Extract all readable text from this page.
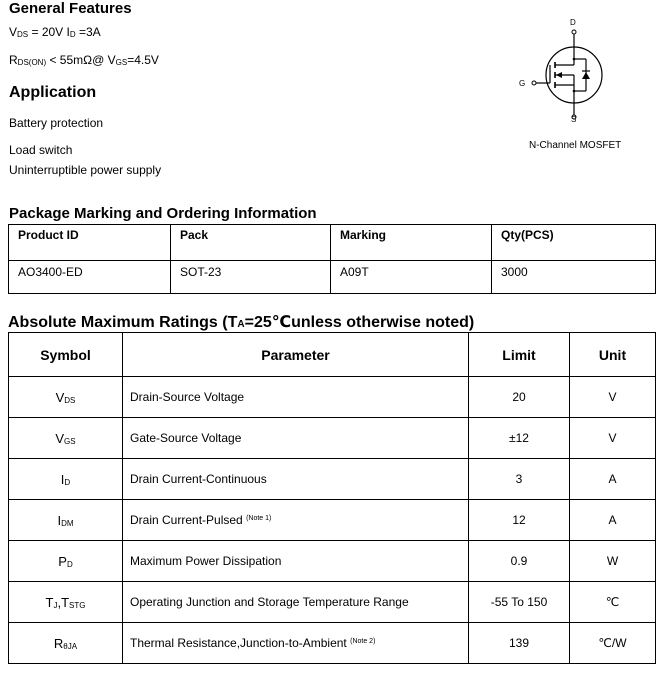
General Features
VDS = 20V ID =3A
RDS(ON) < 55mΩ@ VGS=4.5V
Application
Battery protection
Load switch
Uninterruptible power supply
D
G
S
N-Channel MOSFET
Package Marking and Ordering Information
Product ID	Pack	Marking	Qty(PCS)
AO3400-ED	SOT-23	A09T	3000
Absolute Maximum Ratings (TA=25℃unless otherwise noted)
Symbol	Parameter	Limit	Unit
VDS	Drain-Source Voltage	20	V
VGS	Gate-Source Voltage	±12	V
ID	Drain Current-Continuous	3	A
IDM	Drain Current-Pulsed $^{(Note 1)}$	12	A
PD	Maximum Power Dissipation	0.9	W
TJ,TSTG	Operating Junction and Storage Temperature Range	-55 To 150	℃
RθJA	Thermal Resistance,Junction-to-Ambient $^{(Note 2)}$	139	℃/W
